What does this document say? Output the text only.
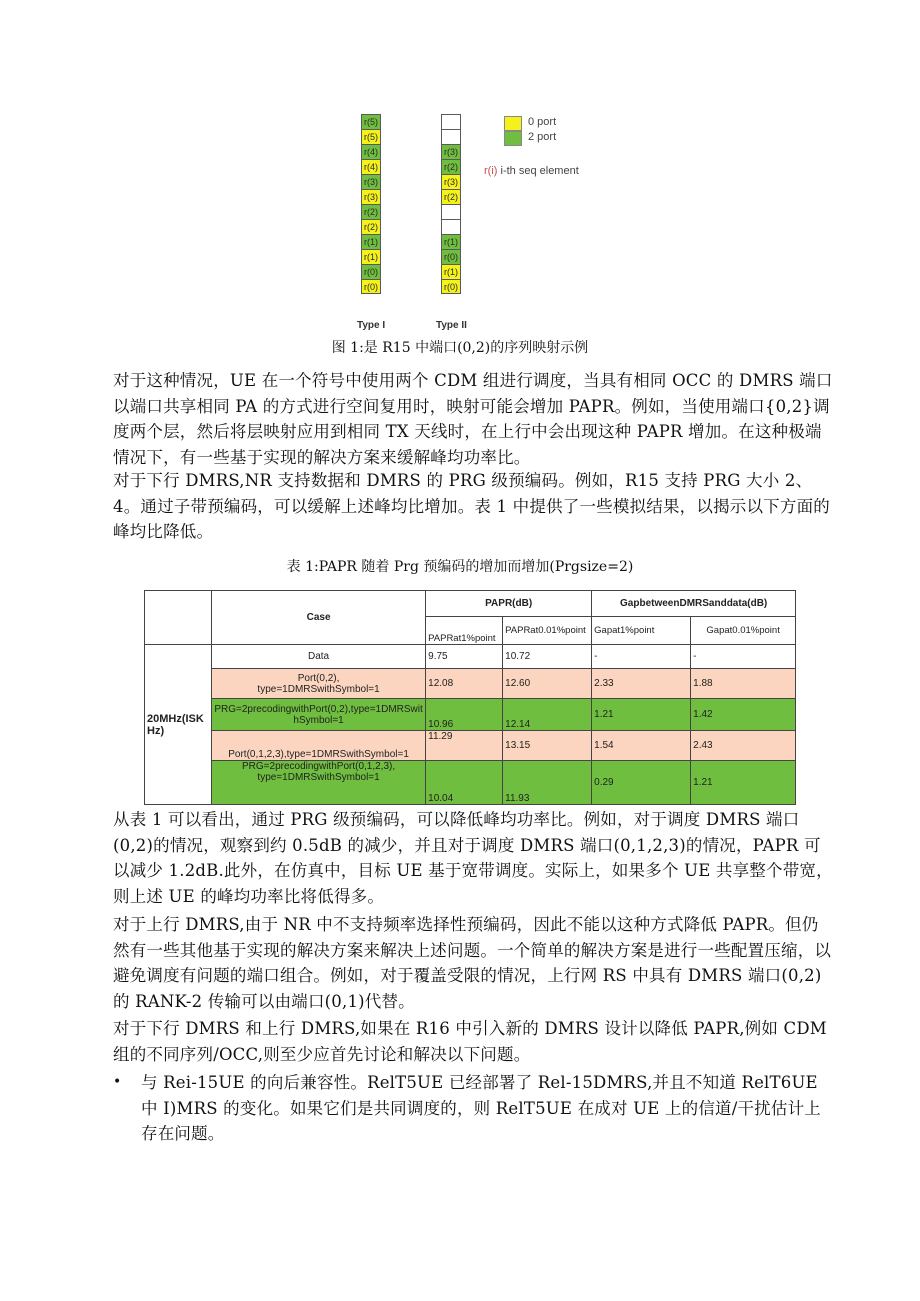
r(5)
r(5)
r(4)
r(4)
r(3)
r(3)
r(2)
r(2)
r(1)
r(1)
r(0)
r(0)
r(3)
r(2)
r(3)
r(2)
r(1)
r(0)
r(1)
r(0)
Type I	Type II
0 port
2 port
r(i) i-th seq element
图 1:是 R15 中端口(0,2)的序列映射示例
对于这种情况，UE 在一个符号中使用两个 CDM 组进行调度，当具有相同 OCC 的 DMRS 端口以端口共享相同 PA 的方式进行空间复用时，映射可能会增加 PAPR。例如，当使用端口{0,2}调度两个层，然后将层映射应用到相同 TX 天线时，在上行中会出现这种 PAPR 增加。在这种极端情况下，有一些基于实现的解决方案来缓解峰均功率比。
对于下行 DMRS,NR 支持数据和 DMRS 的 PRG 级预编码。例如，R15 支持 PRG 大小 2、4。通过子带预编码，可以缓解上述峰均比增加。表 1 中提供了一些模拟结果，以揭示以下方面的峰均比降低。
表 1:PAPR 随着 Prg 预编码的增加而增加(Prgsize=2)
	Case	PAPR(dB)		GapbetweenDMRSanddata(dB)	
		PAPRat1%point	PAPRat0.01%point	Gapat1%point	Gapat0.01%point
20MHz(ISKHz)	Data	9.75	10.72	-	-
	Port(0,2), type=1DMRSwithSymbol=1	12.08	12.60	2.33	1.88
	PRG=2precodingwithPort(0,2),type=1DMRSwithSymbol=1	10.96	12.14	1.21	1.42
	Port(0,1,2,3),type=1DMRSwithSymbol=1	11.29	13.15	1.54	2.43
	PRG=2precodingwithPort(0,1,2,3), type=1DMRSwithSymbol=1	10.04	11.93	0.29	1.21
从表 1 可以看出，通过 PRG 级预编码，可以降低峰均功率比。例如，对于调度 DMRS 端口(0,2)的情况，观察到约 0.5dB 的减少，并且对于调度 DMRS 端口(0,1,2,3)的情况，PAPR 可以减少 1.2dB.此外，在仿真中，目标 UE 基于宽带调度。实际上，如果多个 UE 共享整个带宽，则上述 UE 的峰均功率比将低得多。
对于上行 DMRS,由于 NR 中不支持频率选择性预编码，因此不能以这种方式降低 PAPR。但仍然有一些其他基于实现的解决方案来解决上述问题。一个简单的解决方案是进行一些配置压缩，以避免调度有问题的端口组合。例如，对于覆盖受限的情况，上行网 RS 中具有 DMRS 端口(0,2)的 RANK-2 传输可以由端口(0,1)代替。
对于下行 DMRS 和上行 DMRS,如果在 R16 中引入新的 DMRS 设计以降低 PAPR,例如 CDM 组的不同序列/OCC,则至少应首先讨论和解决以下问题。
• 与 Rei-15UE 的向后兼容性。RelT5UE 已经部署了 Rel-15DMRS,并且不知道 RelT6UE 中 I)MRS 的变化。如果它们是共同调度的，则 RelT5UE 在成对 UE 上的信道/干扰估计上存在问题。
